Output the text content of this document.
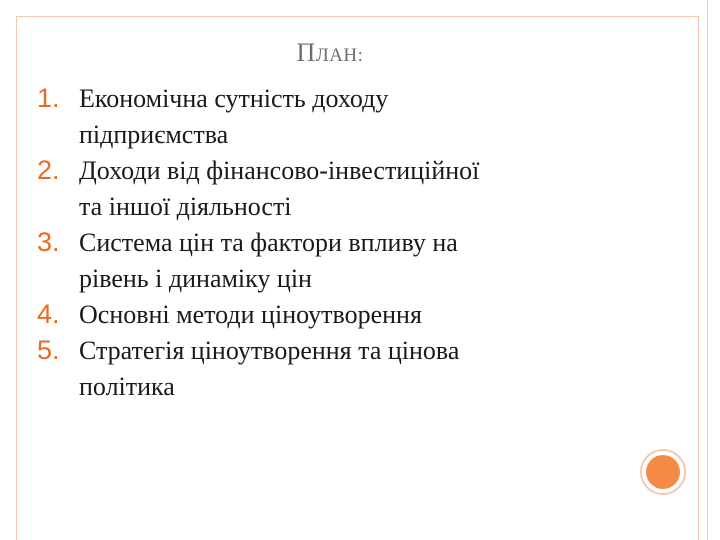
ПЛАН:
1. Економічна сутність доходу
підприємства
2. Доходи від фінансово-інвестиційної
та іншої діяльності
3. Система цін та фактори впливу на
рівень і динаміку цін
4. Основні методи ціноутворення
5. Стратегія ціноутворення та цінова
політика
